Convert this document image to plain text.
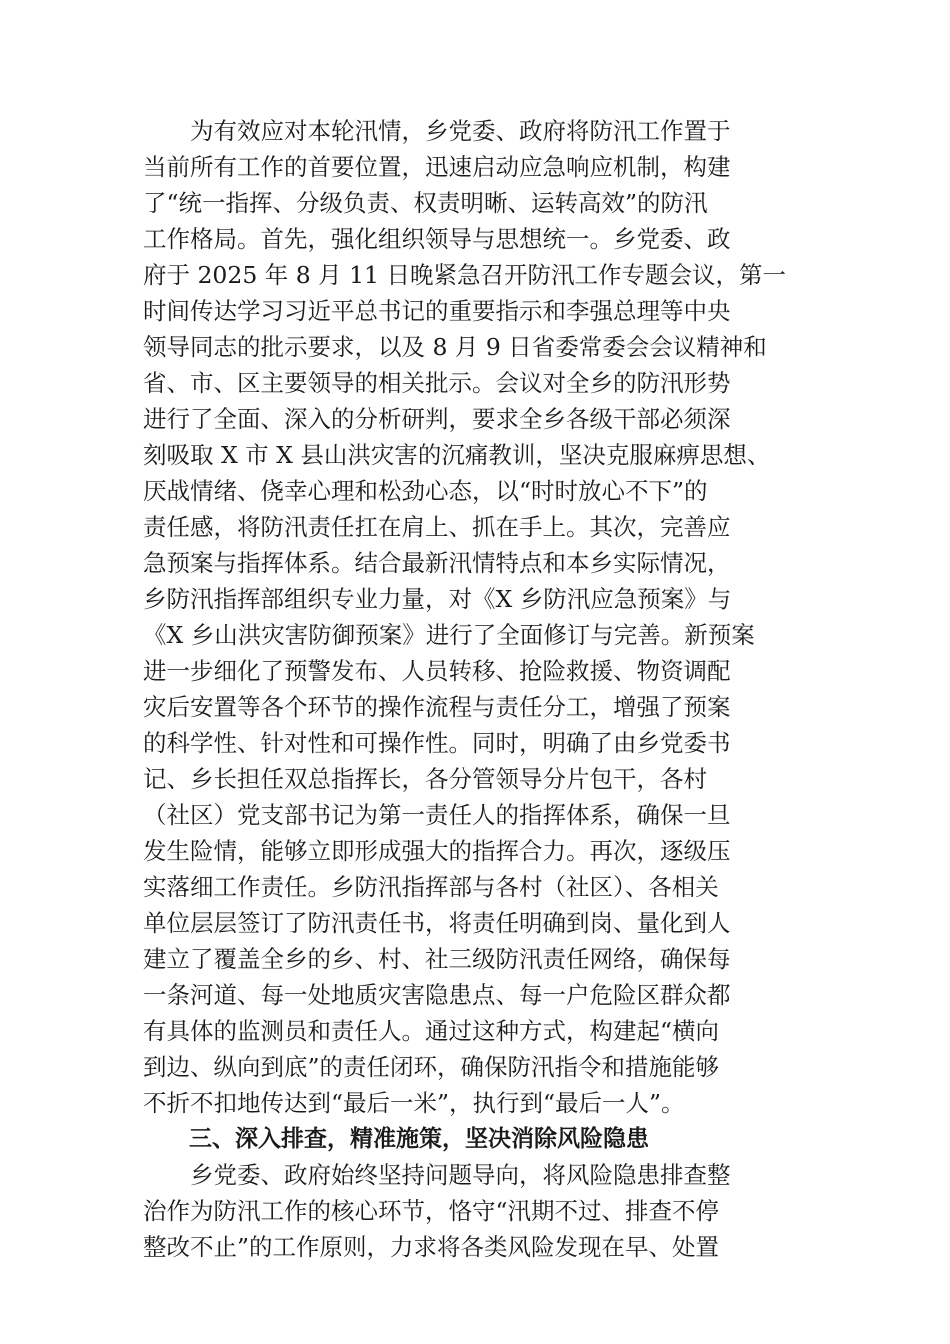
　　为有效应对本轮汛情，乡党委、政府将防汛工作置于
当前所有工作的首要位置，迅速启动应急响应机制，构建
了“统一指挥、分级负责、权责明晰、运转高效”的防汛
工作格局。首先，强化组织领导与思想统一。乡党委、政
府于 2025 年 8 月 11 日晚紧急召开防汛工作专题会议，第一
时间传达学习习近平总书记的重要指示和李强总理等中央
领导同志的批示要求，以及 8 月 9 日省委常委会会议精神和
省、市、区主要领导的相关批示。会议对全乡的防汛形势
进行了全面、深入的分析研判，要求全乡各级干部必须深
刻吸取 X 市 X 县山洪灾害的沉痛教训，坚决克服麻痹思想、
厌战情绪、侥幸心理和松劲心态，以“时时放心不下”的
责任感，将防汛责任扛在肩上、抓在手上。其次，完善应
急预案与指挥体系。结合最新汛情特点和本乡实际情况，
乡防汛指挥部组织专业力量，对《X 乡防汛应急预案》与
《X 乡山洪灾害防御预案》进行了全面修订与完善。新预案
进一步细化了预警发布、人员转移、抢险救援、物资调配
灾后安置等各个环节的操作流程与责任分工，增强了预案
的科学性、针对性和可操作性。同时，明确了由乡党委书
记、乡长担任双总指挥长，各分管领导分片包干，各村
（社区）党支部书记为第一责任人的指挥体系，确保一旦
发生险情，能够立即形成强大的指挥合力。再次，逐级压
实落细工作责任。乡防汛指挥部与各村（社区）、各相关
单位层层签订了防汛责任书，将责任明确到岗、量化到人
建立了覆盖全乡的乡、村、社三级防汛责任网络，确保每
一条河道、每一处地质灾害隐患点、每一户危险区群众都
有具体的监测员和责任人。通过这种方式，构建起“横向
到边、纵向到底”的责任闭环，确保防汛指令和措施能够
不折不扣地传达到“最后一米”，执行到“最后一人”。
　　三、深入排查，精准施策，坚决消除风险隐患
　　乡党委、政府始终坚持问题导向，将风险隐患排查整
治作为防汛工作的核心环节，恪守“汛期不过、排查不停
整改不止”的工作原则，力求将各类风险发现在早、处置
